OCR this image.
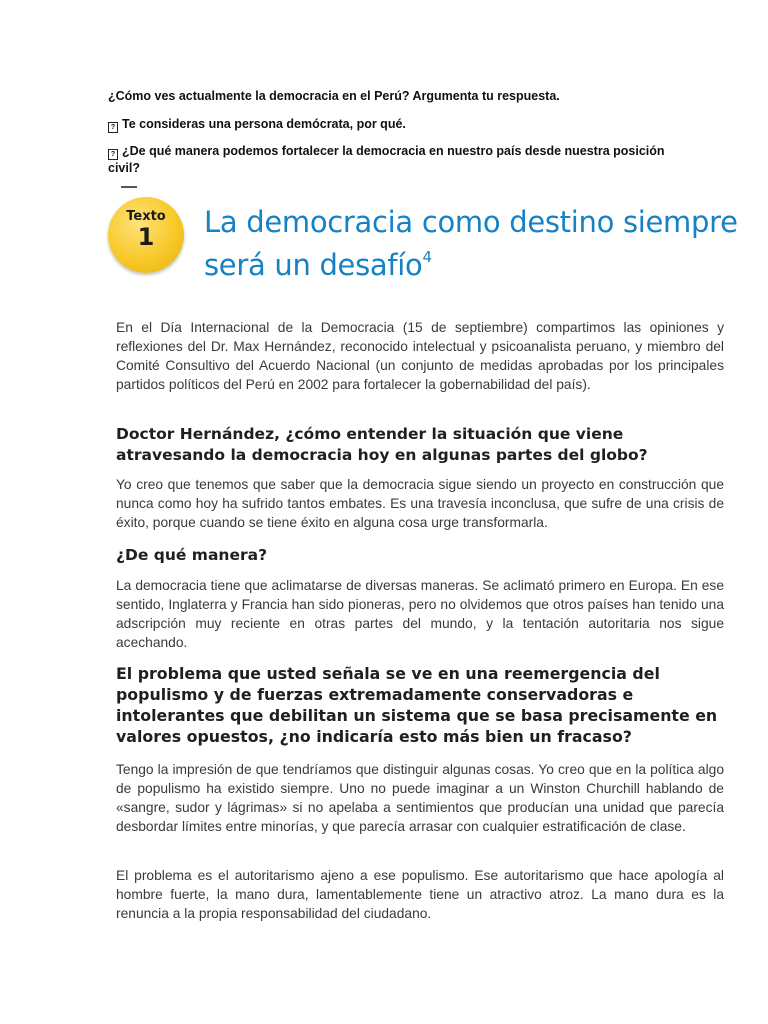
¿Cómo ves actualmente la democracia en el Perú? Argumenta tu respuesta.
? Te consideras una persona demócrata, por qué.
? ¿De qué manera podemos fortalecer la democracia en nuestro país desde nuestra posición civil?
Texto
1	La democracia como destino siempre será un desafío$^4$

En el Día Internacional de la Democracia (15 de septiembre) compartimos las opiniones y reflexiones del Dr. Max Hernández, reconocido intelectual y psicoanalista peruano, y miembro del Comité Consultivo del Acuerdo Nacional (un conjunto de medidas aprobadas por los principales partidos políticos del Perú en 2002 para fortalecer la gobernabilidad del país).

Doctor Hernández, ¿cómo entender la situación que viene atravesando la democracia hoy en algunas partes del globo?

Yo creo que tenemos que saber que la democracia sigue siendo un proyecto en construcción que nunca como hoy ha sufrido tantos embates. Es una travesía inconclusa, que sufre de una crisis de éxito, porque cuando se tiene éxito en alguna cosa urge transformarla.

¿De qué manera?

La democracia tiene que aclimatarse de diversas maneras. Se aclimató primero en Europa. En ese sentido, Inglaterra y Francia han sido pioneras, pero no olvidemos que otros países han tenido una adscripción muy reciente en otras partes del mundo, y la tentación autoritaria nos sigue acechando.

El problema que usted señala se ve en una reemergencia del populismo y de fuerzas extremadamente conservadoras e intolerantes que debilitan un sistema que se basa precisamente en valores opuestos, ¿no indicaría esto más bien un fracaso?

Tengo la impresión de que tendríamos que distinguir algunas cosas. Yo creo que en la política algo de populismo ha existido siempre. Uno no puede imaginar a un Winston Churchill hablando de «sangre, sudor y lágrimas» si no apelaba a sentimientos que producían una unidad que parecía desbordar límites entre minorías, y que parecía arrasar con cualquier estratificación de clase.

El problema es el autoritarismo ajeno a ese populismo. Ese autoritarismo que hace apología al hombre fuerte, la mano dura, lamentablemente tiene un atractivo atroz. La mano dura es la renuncia a la propia responsabilidad del ciudadano.
